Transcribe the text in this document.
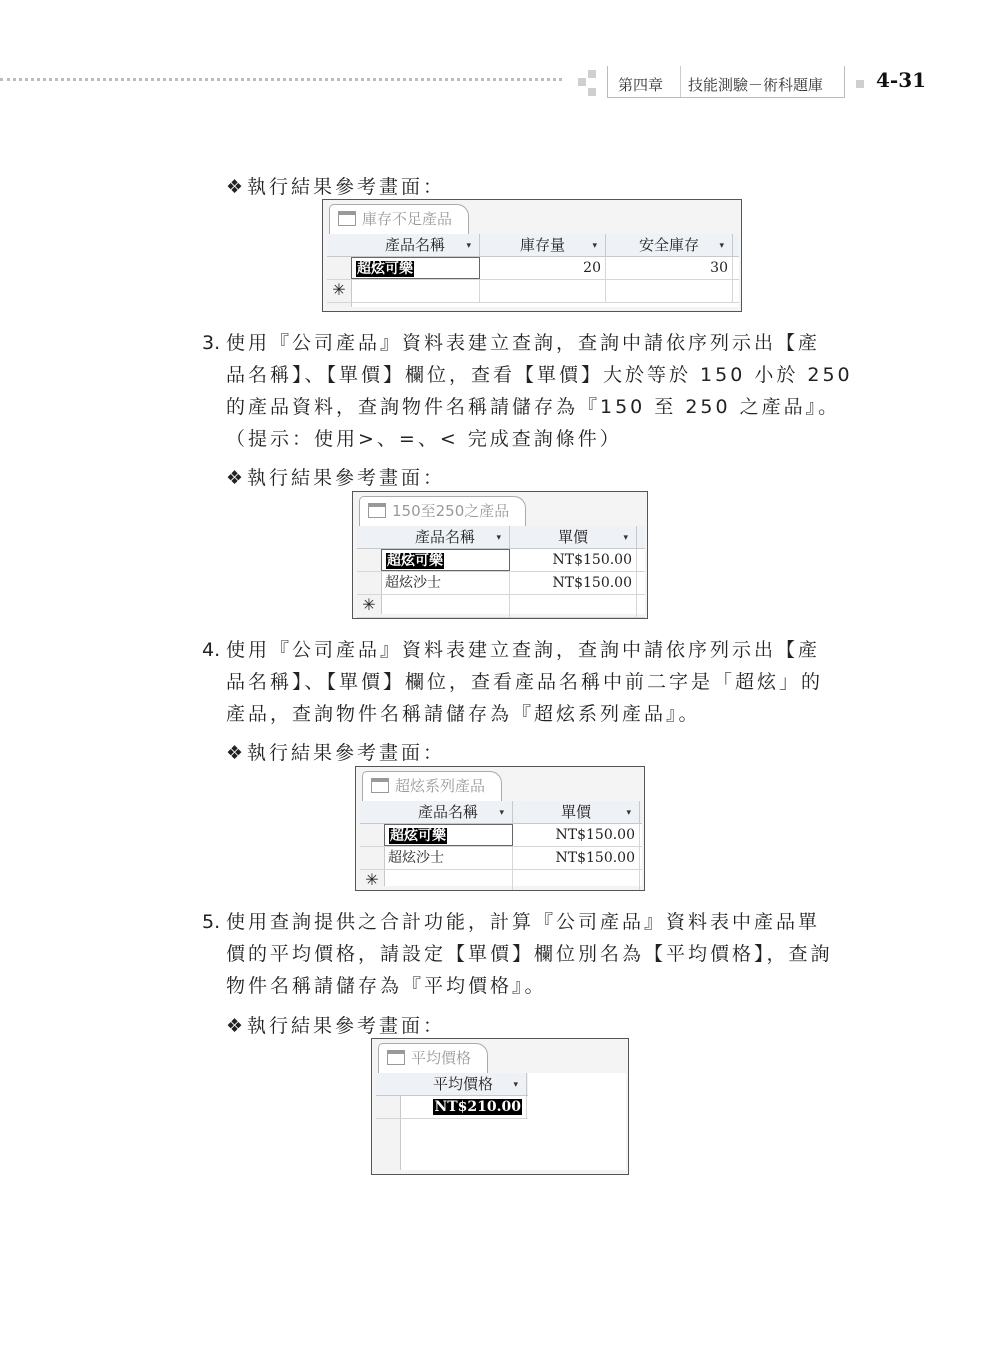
第四章 技能測驗－術科題庫	4-31
❖ 執行結果參考畫面：
庫存不足產品
產品名稱 ▾	庫存量	▾	安全庫存 ▾
超炫可樂	20	30
✳
3. 使用『公司產品』資料表建立查詢，查詢中請依序列示出【產
品名稱】、【單價】欄位，查看【單價】大於等於 150 小於 250
的產品資料，查詢物件名稱請儲存為『150 至 250 之產品』。
（提示：使用>、=、< 完成查詢條件）
❖ 執行結果參考畫面：
150至250之產品
產品名稱 ▾	單價	▾
超炫可樂	NT$150.00
超炫沙士	NT$150.00
✳
4. 使用『公司產品』資料表建立查詢，查詢中請依序列示出【產
品名稱】、【單價】欄位，查看產品名稱中前二字是「超炫」的
產品，查詢物件名稱請儲存為『超炫系列產品』。
❖ 執行結果參考畫面：
超炫系列產品
產品名稱 ▾	單價	▾
超炫可樂	NT$150.00
超炫沙士	NT$150.00
✳
5. 使用查詢提供之合計功能，計算『公司產品』資料表中產品單
價的平均價格，請設定【單價】欄位別名為【平均價格】，查詢
物件名稱請儲存為『平均價格』。
❖ 執行結果參考畫面：
平均價格
平均價格 ▾
NT$210.00
